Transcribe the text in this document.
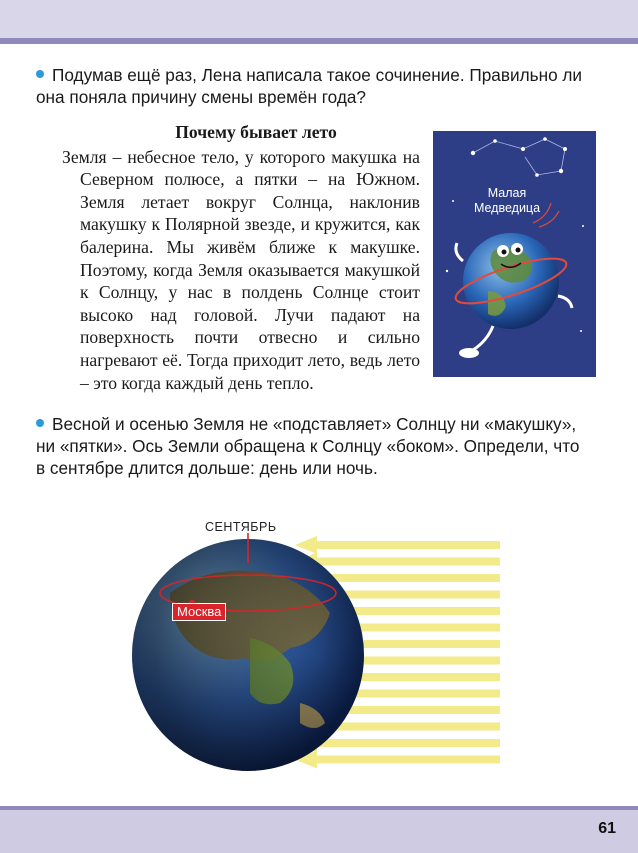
Подумав ещё раз, Лена написала такое сочинение. Правильно ли она поняла причину смены времён года?
Почему бывает лето
Земля – небесное тело, у которого макушка на Северном полюсе, а пятки – на Южном. Земля летает вокруг Солнца, наклонив макушку к Полярной звезде, и кружится, как балерина. Мы живём ближе к макушке. Поэтому, когда Земля оказывается макушкой к Солнцу, у нас в полдень Солнце стоит высоко над головой. Лучи падают на поверхность почти отвесно и сильно нагревают её. Тогда приходит лето, ведь лето – это когда каждый день тепло.
Малая
Медведица
Весной и осенью Земля не «подставляет» Солнцу ни «макушку», ни «пятки». Ось Земли обращена к Солнцу «боком». Определи, что в сентябре длится дольше: день или ночь.
СЕНТЯБРЬ
Москва
61
